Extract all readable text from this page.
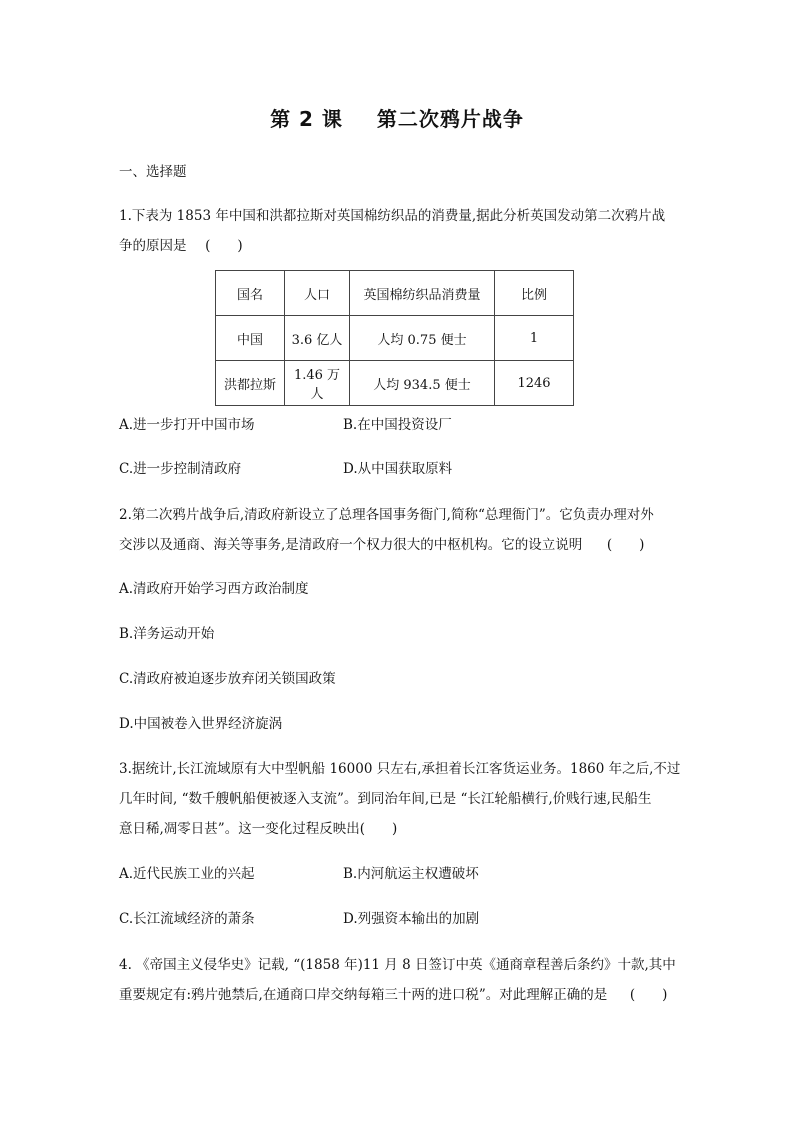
第 2 课 第二次鸦片战争
一、选择题
1.下表为 1853 年中国和洪都拉斯对英国棉纺织品的消费量,据此分析英国发动第二次鸦片战
争的原因是 (　　)
国名	人口	英国棉纺织品消费量	比例
中国	3.6 亿人	人均 0.75 便士	1
洪都拉斯	1.46 万人	人均 934.5 便士	1246
A.进一步打开中国市场	B.在中国投资设厂
C.进一步控制清政府	D.从中国获取原料
2.第二次鸦片战争后,清政府新设立了总理各国事务衙门,简称“总理衙门”。它负责办理对外
交涉以及通商、海关等事务,是清政府一个权力很大的中枢机构。它的设立说明 (　　)
A.清政府开始学习西方政治制度
B.洋务运动开始
C.清政府被迫逐步放弃闭关锁国政策
D.中国被卷入世界经济旋涡
3.据统计,长江流域原有大中型帆船 16000 只左右,承担着长江客货运业务。1860 年之后,不过
几年时间, “数千艘帆船便被逐入支流”。到同治年间,已是 “长江轮船横行,价贱行速,民船生
意日稀,凋零日甚”。这一变化过程反映出(　　)
A.近代民族工业的兴起	B.内河航运主权遭破坏
C.长江流域经济的萧条	D.列强资本输出的加剧
4. 《帝国主义侵华史》记载, “(1858 年)11 月 8 日签订中英《通商章程善后条约》十款,其中
重要规定有:鸦片弛禁后,在通商口岸交纳每箱三十两的进口税”。对此理解正确的是 (　　)
